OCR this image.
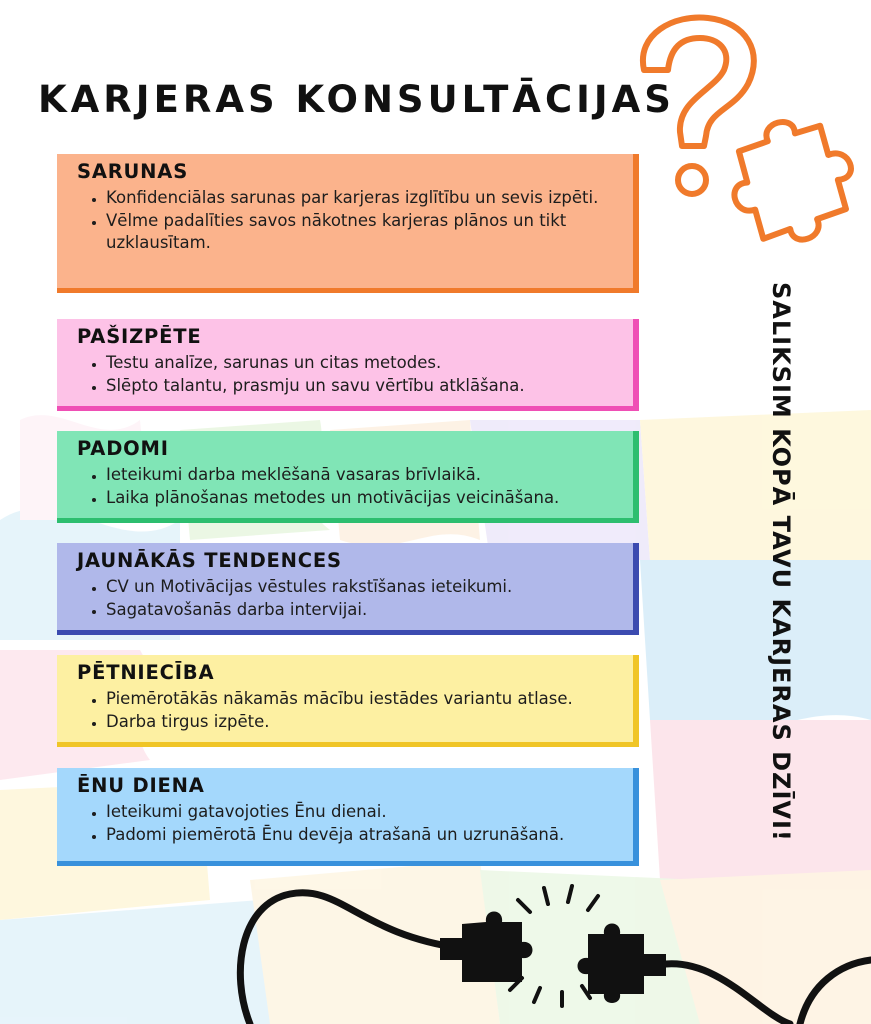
KARJERAS KONSULTĀCIJAS
SARUNAS
• Konfidenciālas sarunas par karjeras izglītību un sevis izpēti.
• Vēlme padalīties savos nākotnes karjeras plānos un tikt uzklausītam.
PAŠIZPĒTE
• Testu analīze, sarunas un citas metodes.
• Slēpto talantu, prasmju un savu vērtību atklāšana.
PADOMI
• Ieteikumi darba meklēšanā vasaras brīvlaikā.
• Laika plānošanas metodes un motivācijas veicināšana.
JAUNĀKĀS TENDENCES
• CV un Motivācijas vēstules rakstīšanas ieteikumi.
• Sagatavošanās darba intervijai.
PĒTNIECĪBA
• Piemērotākās nākamās mācību iestādes variantu atlase.
• Darba tirgus izpēte.
ĒNU DIENA
• Ieteikumi gatavojoties Ēnu dienai.
• Padomi piemērotā Ēnu devēja atrašanā un uzrunāšanā.	SALIKSIM KOPĀ TAVU KARJERAS DZĪVI!
